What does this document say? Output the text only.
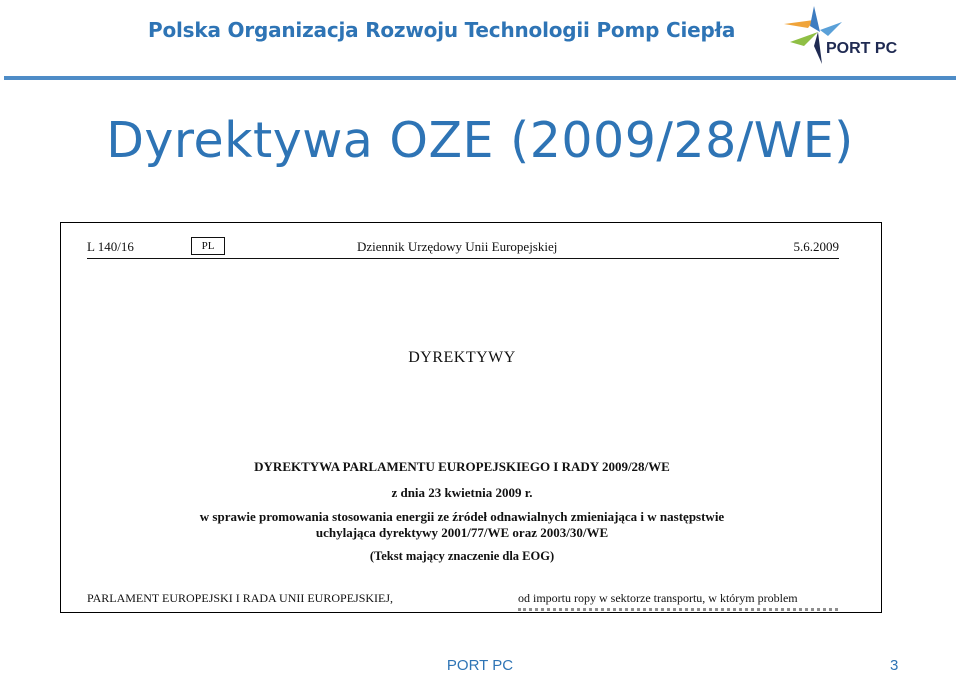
Polska Organizacja Rozwoju Technologii Pomp Ciepła
PORT PC
Dyrektywa OZE (2009/28/WE)
L 140/16	PL	Dziennik Urzędowy Unii Europejskiej	5.6.2009
DYREKTYWY
DYREKTYWA PARLAMENTU EUROPEJSKIEGO I RADY 2009/28/WE
z dnia 23 kwietnia 2009 r.
w sprawie promowania stosowania energii ze źródeł odnawialnych zmieniająca i w następstwie
uchylająca dyrektywy 2001/77/WE oraz 2003/30/WE
(Tekst mający znaczenie dla EOG)
PARLAMENT EUROPEJSKI I RADA UNII EUROPEJSKIEJ,	od importu ropy w sektorze transportu, w którym problem
PORT PC	3
